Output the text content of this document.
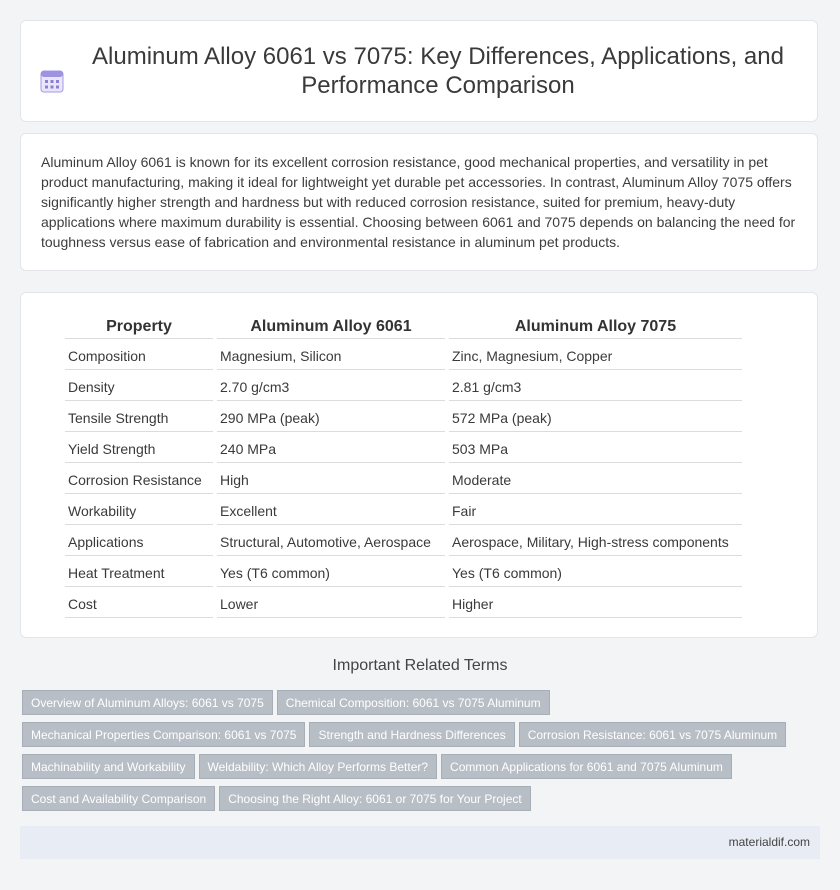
Aluminum Alloy 6061 vs 7075: Key Differences, Applications, and Performance Comparison

Aluminum Alloy 6061 is known for its excellent corrosion resistance, good mechanical properties, and versatility in pet product manufacturing, making it ideal for lightweight yet durable pet accessories. In contrast, Aluminum Alloy 7075 offers significantly higher strength and hardness but with reduced corrosion resistance, suited for premium, heavy-duty applications where maximum durability is essential. Choosing between 6061 and 7075 depends on balancing the need for toughness versus ease of fabrication and environmental resistance in aluminum pet products.

Property	Aluminum Alloy 6061	Aluminum Alloy 7075
Composition	Magnesium, Silicon	Zinc, Magnesium, Copper
Density	2.70 g/cm3	2.81 g/cm3
Tensile Strength	290 MPa (peak)	572 MPa (peak)
Yield Strength	240 MPa	503 MPa
Corrosion Resistance	High	Moderate
Workability	Excellent	Fair
Applications	Structural, Automotive, Aerospace	Aerospace, Military, High-stress components
Heat Treatment	Yes (T6 common)	Yes (T6 common)
Cost	Lower	Higher
Important Related Terms
Overview of Aluminum Alloys: 6061 vs 7075 Chemical Composition: 6061 vs 7075 Aluminum
Mechanical Properties Comparison: 6061 vs 7075 Strength and Hardness Differences Corrosion Resistance: 6061 vs 7075 Aluminum
Machinability and Workability Weldability: Which Alloy Performs Better? Common Applications for 6061 and 7075 Aluminum
Cost and Availability Comparison Choosing the Right Alloy: 6061 or 7075 for Your Project
materialdif.com
